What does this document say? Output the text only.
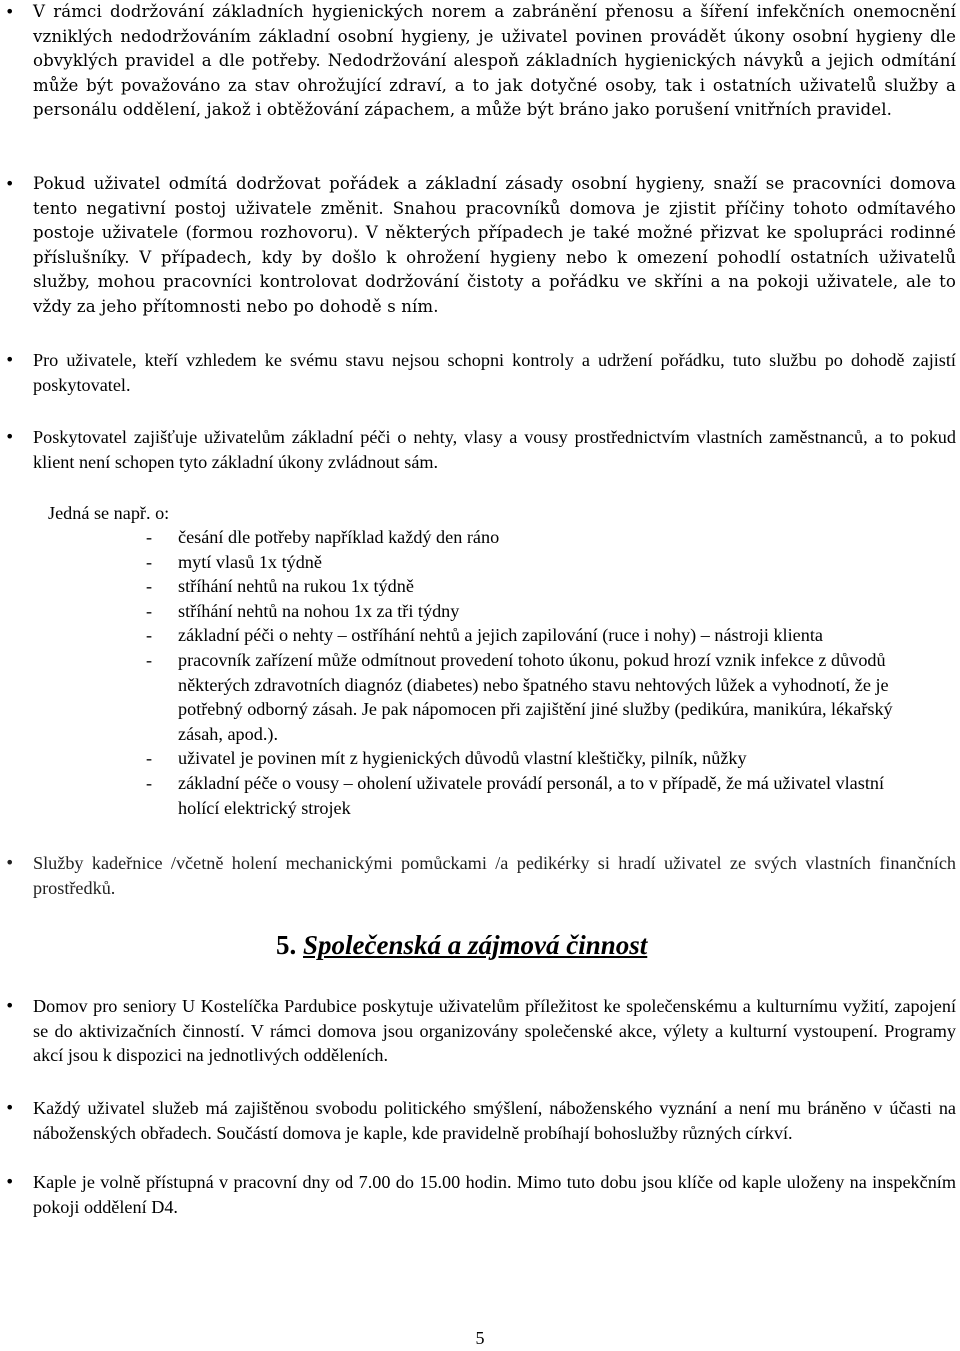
• V rámci dodržování základních hygienických norem a zabránění přenosu a šíření infekčních onemocnění vzniklých nedodržováním základní osobní hygieny, je uživatel povinen provádět úkony osobní hygieny dle obvyklých pravidel a dle potřeby. Nedodržování alespoň základních hygienických návyků a jejich odmítání může být považováno za stav ohrožující zdraví, a to jak dotyčné osoby, tak i ostatních uživatelů služby a personálu oddělení, jakož i obtěžování zápachem, a může být bráno jako porušení vnitřních pravidel.

• Pokud uživatel odmítá dodržovat pořádek a základní zásady osobní hygieny, snaží se pracovníci domova tento negativní postoj uživatele změnit. Snahou pracovníků domova je zjistit příčiny tohoto odmítavého postoje uživatele (formou rozhovoru). V některých případech je také možné přizvat ke spolupráci rodinné příslušníky. V případech, kdy by došlo k ohrožení hygieny nebo k omezení pohodlí ostatních uživatelů služby, mohou pracovníci kontrolovat dodržování čistoty a pořádku ve skříni a na pokoji uživatele, ale to vždy za jeho přítomnosti nebo po dohodě s ním.

• Pro uživatele, kteří vzhledem ke svému stavu nejsou schopni kontroly a udržení pořádku, tuto službu po dohodě zajistí poskytovatel.

• Poskytovatel zajišťuje uživatelům základní péči o nehty, vlasy a vousy prostřednictvím vlastních zaměstnanců, a to pokud klient není schopen tyto základní úkony zvládnout sám.

Jedná se např. o:
- česání dle potřeby například každý den ráno
- mytí vlasů 1x týdně
- stříhání nehtů na rukou 1x týdně
- stříhání nehtů na nohou 1x za tři týdny
- základní péči o nehty – ostříhání nehtů a jejich zapilování (ruce i nohy) – nástroji klienta
- pracovník zařízení může odmítnout provedení tohoto úkonu, pokud hrozí vznik infekce z důvodů některých zdravotních diagnóz (diabetes) nebo špatného stavu nehtových lůžek a vyhodnotí, že je potřebný odborný zásah. Je pak nápomocen při zajištění jiné služby (pedikúra, manikúra, lékařský zásah, apod.).
- uživatel je povinen mít z hygienických důvodů vlastní kleštičky, pilník, nůžky
- základní péče o vousy – oholení uživatele provádí personál, a to v případě, že má uživatel vlastní holící elektrický strojek

• Služby kadeřnice /včetně holení mechanickými pomůckami /a pedikérky si hradí uživatel ze svých vlastních finančních prostředků.

5. Společenská a zájmová činnost

• Domov pro seniory U Kostelíčka Pardubice poskytuje uživatelům příležitost ke společenskému a kulturnímu vyžití, zapojení se do aktivizačních činností. V rámci domova jsou organizovány společenské akce, výlety a kulturní vystoupení. Programy akcí jsou k dispozici na jednotlivých odděleních.

• Každý uživatel služeb má zajištěnou svobodu politického smýšlení, náboženského vyznání a není mu bráněno v účasti na náboženských obřadech. Součástí domova je kaple, kde pravidelně probíhají bohoslužby různých církví.

• Kaple je volně přístupná v pracovní dny od 7.00 do 15.00 hodin. Mimo tuto dobu jsou klíče od kaple uloženy na inspekčním pokoji oddělení D4.

5
